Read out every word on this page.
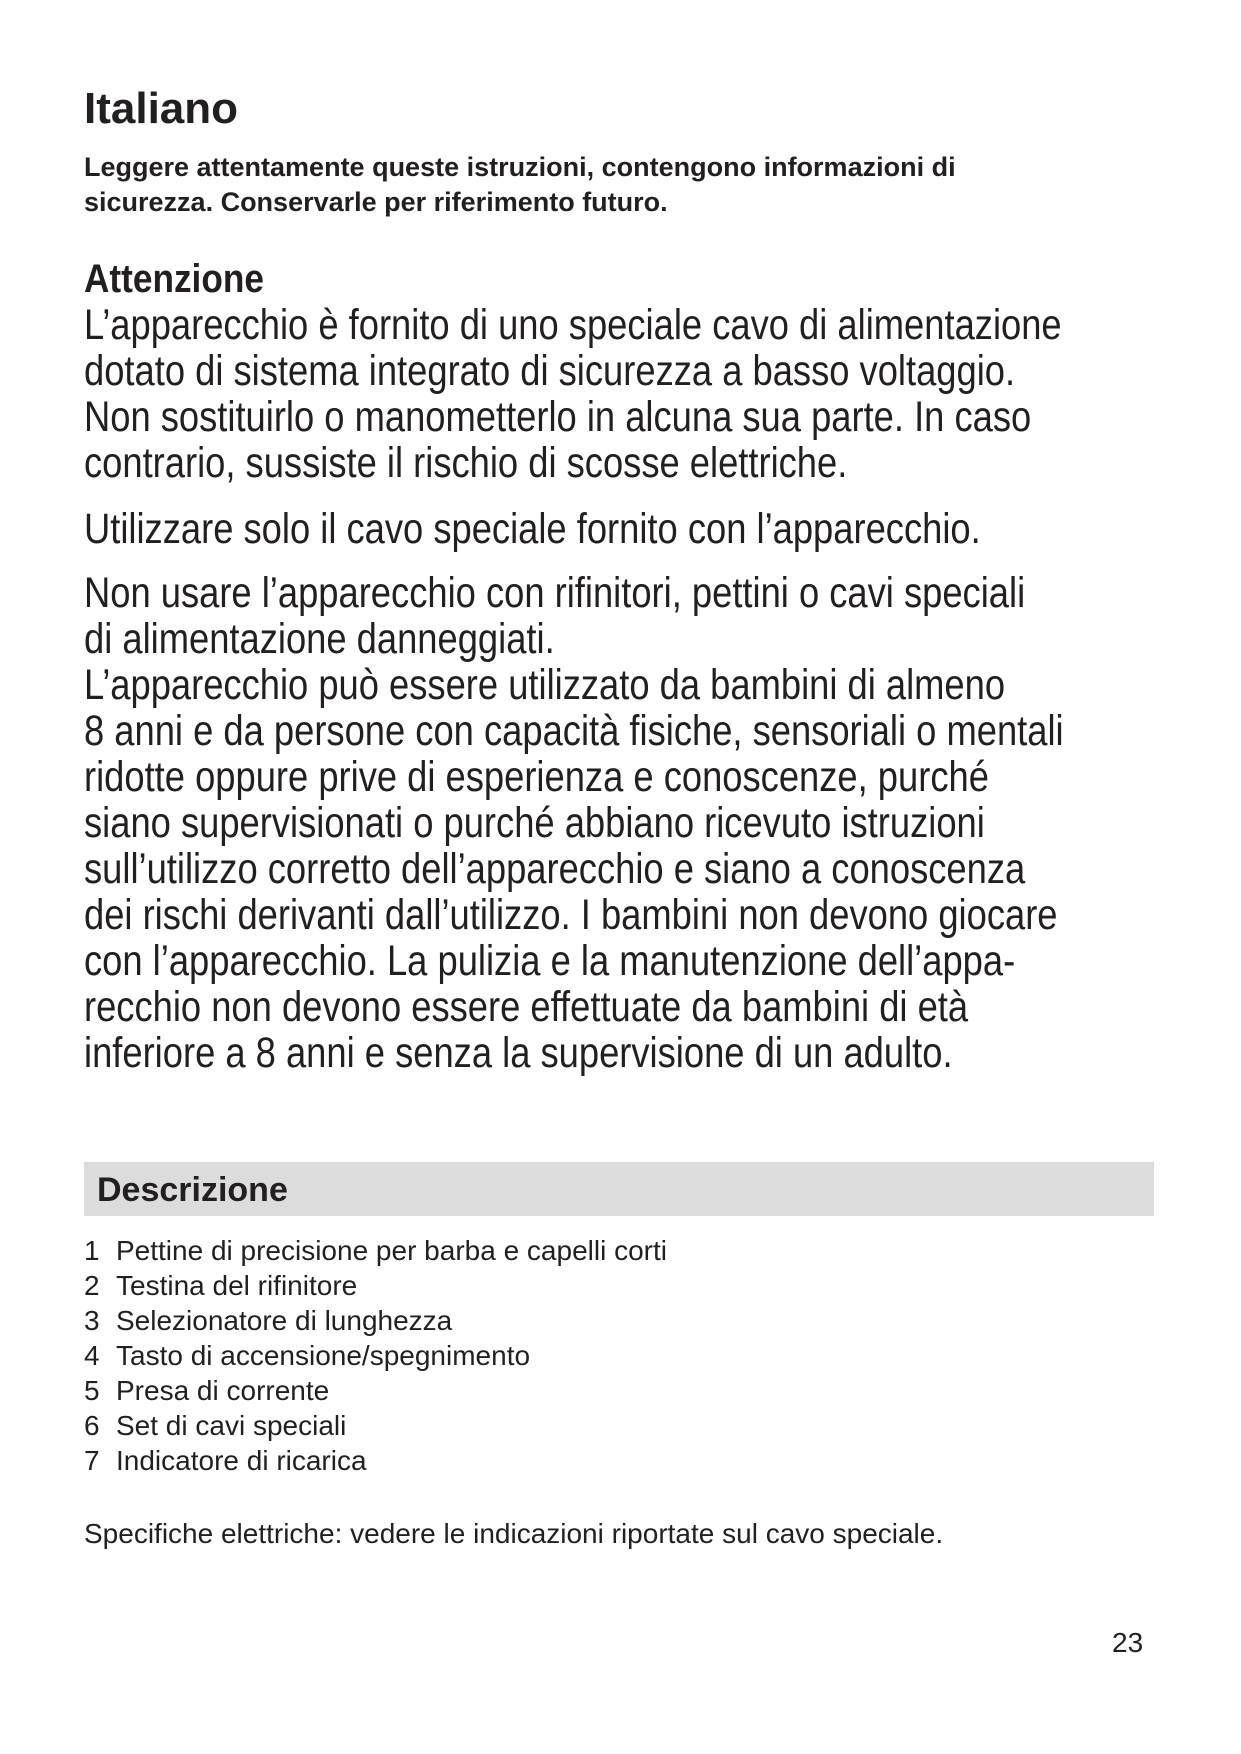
Italiano

Leggere attentamente queste istruzioni, contengono informazioni di
sicurezza. Conservarle per riferimento futuro.

Attenzione
L’apparecchio è fornito di uno speciale cavo di alimentazione
dotato di sistema integrato di sicurezza a basso voltaggio.
Non sostituirlo o manometterlo in alcuna sua parte. In caso
contrario, sussiste il rischio di scosse elettriche.
Utilizzare solo il cavo speciale fornito con l’apparecchio.
Non usare l’apparecchio con rifinitori, pettini o cavi speciali
di alimentazione danneggiati.
L’apparecchio può essere utilizzato da bambini di almeno
8 anni e da persone con capacità fisiche, sensoriali o mentali
ridotte oppure prive di esperienza e conoscenze, purché
siano supervisionati o purché abbiano ricevuto istruzioni
sull’utilizzo corretto dell’apparecchio e siano a conoscenza
dei rischi derivanti dall’utilizzo. I bambini non devono giocare
con l’apparecchio. La pulizia e la manutenzione dell’appa-
recchio non devono essere effettuate da bambini di età
inferiore a 8 anni e senza la supervisione di un adulto.
Descrizione
1 Pettine di precisione per barba e capelli corti
2 Testina del rifinitore
3 Selezionatore di lunghezza
4 Tasto di accensione/spegnimento
5 Presa di corrente
6 Set di cavi speciali
7 Indicatore di ricarica

Specifiche elettriche: vedere le indicazioni riportate sul cavo speciale.

23
